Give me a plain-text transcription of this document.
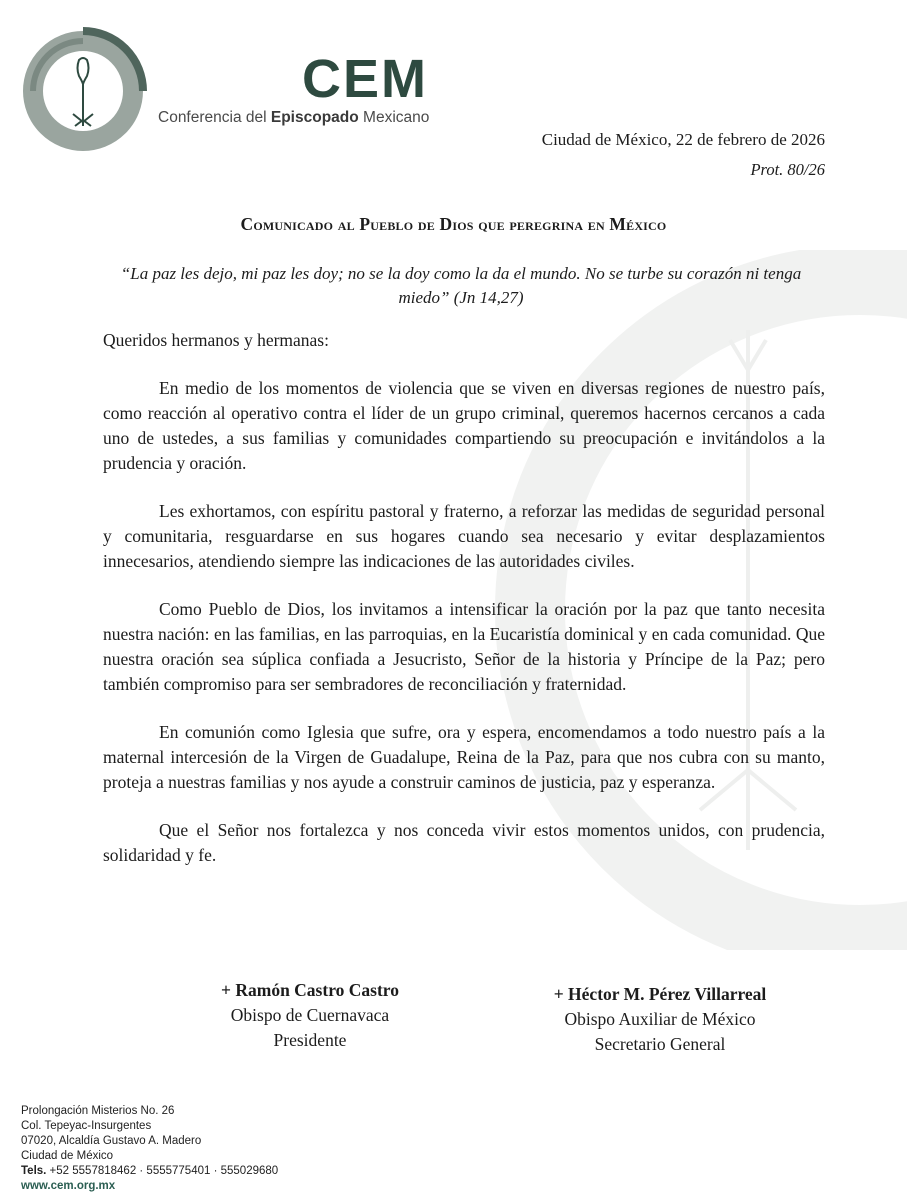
CEM
Conferencia del Episcopado Mexicano
Ciudad de México, 22 de febrero de 2026
Prot. 80/26
Comunicado al Pueblo de Dios que peregrina en México
“La paz les dejo, mi paz les doy; no se la doy como la da el mundo. No se turbe su corazón ni tenga miedo” (Jn 14,27)

Queridos hermanos y hermanas:

En medio de los momentos de violencia que se viven en diversas regiones de nuestro país, como reacción al operativo contra el líder de un grupo criminal, queremos hacernos cercanos a cada uno de ustedes, a sus familias y comunidades compartiendo su preocupación e invitándolos a la prudencia y oración.

Les exhortamos, con espíritu pastoral y fraterno, a reforzar las medidas de seguridad personal y comunitaria, resguardarse en sus hogares cuando sea necesario y evitar desplazamientos innecesarios, atendiendo siempre las indicaciones de las autoridades civiles.

Como Pueblo de Dios, los invitamos a intensificar la oración por la paz que tanto necesita nuestra nación: en las familias, en las parroquias, en la Eucaristía dominical y en cada comunidad. Que nuestra oración sea súplica confiada a Jesucristo, Señor de la historia y Príncipe de la Paz; pero también compromiso para ser sembradores de reconciliación y fraternidad.

En comunión como Iglesia que sufre, ora y espera, encomendamos a todo nuestro país a la maternal intercesión de la Virgen de Guadalupe, Reina de la Paz, para que nos cubra con su manto, proteja a nuestras familias y nos ayude a construir caminos de justicia, paz y esperanza.

Que el Señor nos fortalezca y nos conceda vivir estos momentos unidos, con prudencia, solidaridad y fe.

+ Ramón Castro Castro
Obispo de Cuernavaca
Presidente
+ Héctor M. Pérez Villarreal
Obispo Auxiliar de México
Secretario General
Prolongación Misterios No. 26
Col. Tepeyac-Insurgentes
07020, Alcaldía Gustavo A. Madero
Ciudad de México
Tels. +52 5557818462 · 5555775401 · 555029680
www.cem.org.mx
